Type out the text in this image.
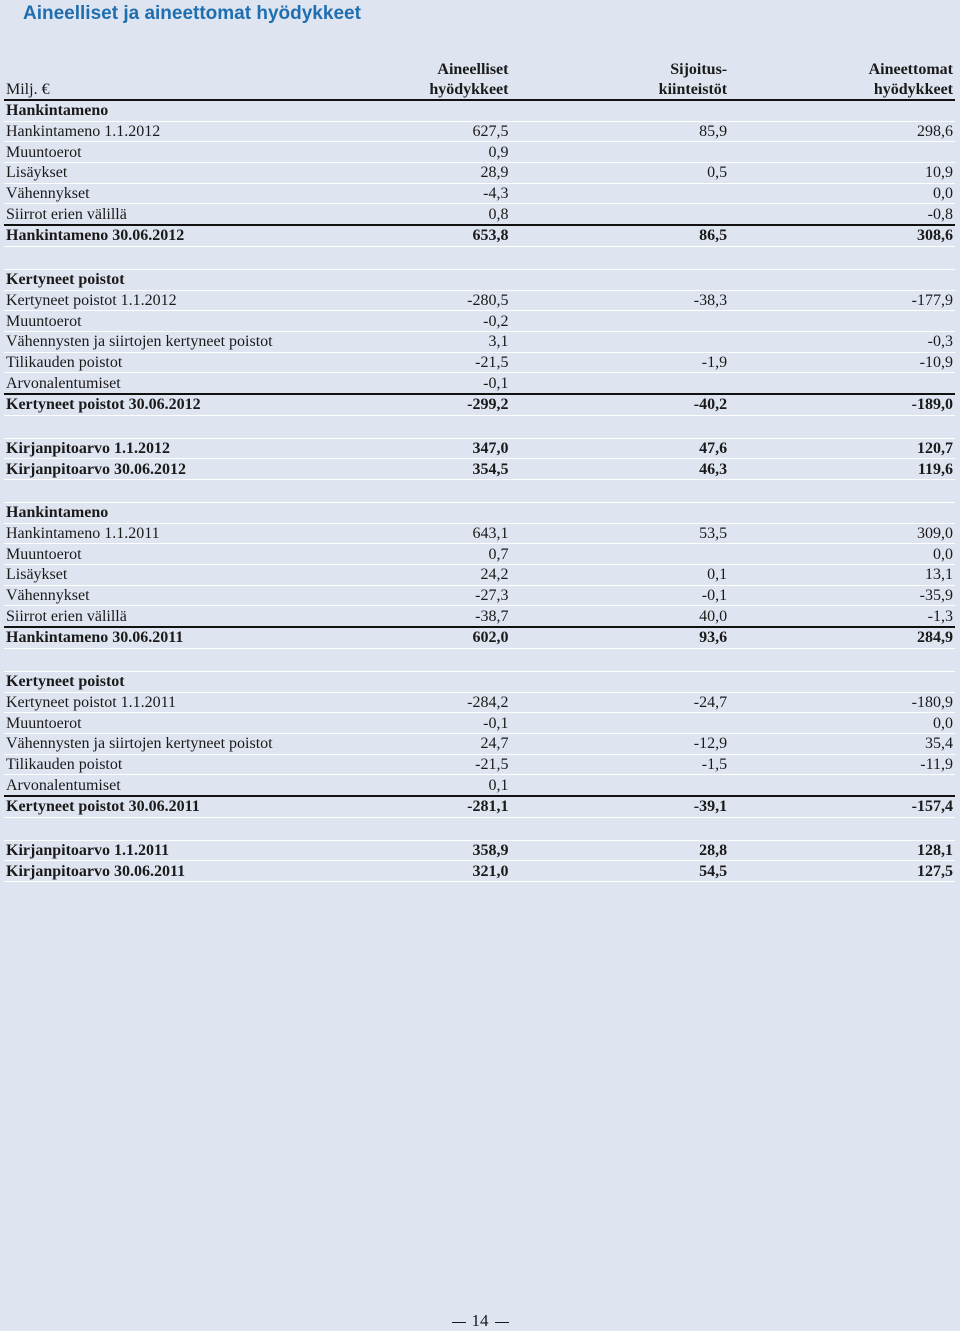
Aineelliset ja aineettomat hyödykkeet
	Aineelliset	Sijoitus-	Aineettomat
Milj. €	hyödykkeet	kiinteistöt	hyödykkeet
Hankintameno			
Hankintameno 1.1.2012	627,5	85,9	298,6
Muuntoerot	0,9		
Lisäykset	28,9	0,5	10,9
Vähennykset	-4,3		0,0
Siirrot erien välillä	0,8		-0,8
Hankintameno 30.06.2012	653,8	86,5	308,6

Kertyneet poistot			
Kertyneet poistot 1.1.2012	-280,5	-38,3	-177,9
Muuntoerot	-0,2		
Vähennysten ja siirtojen kertyneet poistot	3,1		-0,3
Tilikauden poistot	-21,5	-1,9	-10,9
Arvonalentumiset	-0,1		
Kertyneet poistot 30.06.2012	-299,2	-40,2	-189,0

Kirjanpitoarvo 1.1.2012	347,0	47,6	120,7
Kirjanpitoarvo 30.06.2012	354,5	46,3	119,6

Hankintameno			
Hankintameno 1.1.2011	643,1	53,5	309,0
Muuntoerot	0,7		0,0
Lisäykset	24,2	0,1	13,1
Vähennykset	-27,3	-0,1	-35,9
Siirrot erien välillä	-38,7	40,0	-1,3
Hankintameno 30.06.2011	602,0	93,6	284,9

Kertyneet poistot			
Kertyneet poistot 1.1.2011	-284,2	-24,7	-180,9
Muuntoerot	-0,1		0,0
Vähennysten ja siirtojen kertyneet poistot	24,7	-12,9	35,4
Tilikauden poistot	-21,5	-1,5	-11,9
Arvonalentumiset	0,1		
Kertyneet poistot 30.06.2011	-281,1	-39,1	-157,4

Kirjanpitoarvo 1.1.2011	358,9	28,8	128,1
Kirjanpitoarvo 30.06.2011	321,0	54,5	127,5
14
